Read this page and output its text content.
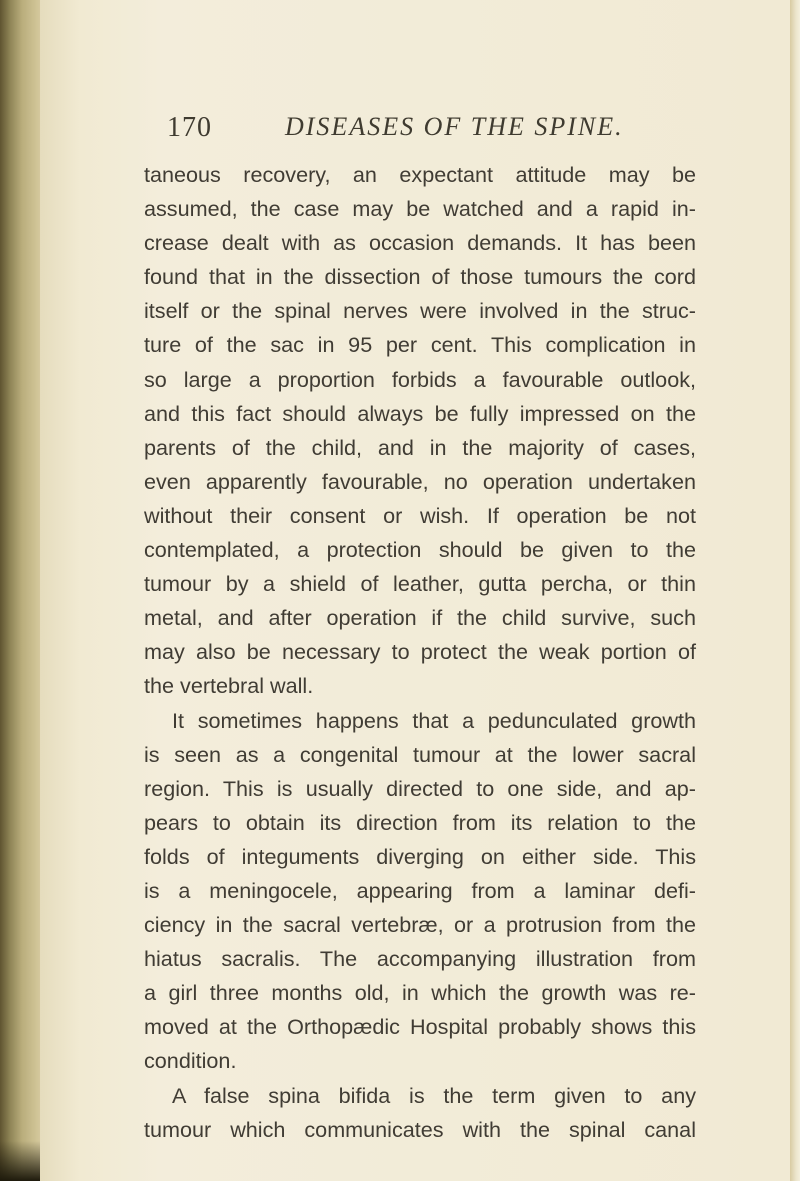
170	DISEASES OF THE SPINE.
taneous recovery, an expectant attitude may be
assumed, the case may be watched and a rapid in-
crease dealt with as occasion demands. It has been
found that in the dissection of those tumours the cord
itself or the spinal nerves were involved in the struc-
ture of the sac in 95 per cent. This complication in
so large a proportion forbids a favourable outlook,
and this fact should always be fully impressed on the
parents of the child, and in the majority of cases,
even apparently favourable, no operation undertaken
without their consent or wish. If operation be not
contemplated, a protection should be given to the
tumour by a shield of leather, gutta percha, or thin
metal, and after operation if the child survive, such
may also be necessary to protect the weak portion of
the vertebral wall.
It sometimes happens that a pedunculated growth
is seen as a congenital tumour at the lower sacral
region. This is usually directed to one side, and ap-
pears to obtain its direction from its relation to the
folds of integuments diverging on either side. This
is a meningocele, appearing from a laminar defi-
ciency in the sacral vertebræ, or a protrusion from the
hiatus sacralis. The accompanying illustration from
a girl three months old, in which the growth was re-
moved at the Orthopædic Hospital probably shows this
condition.
A false spina bifida is the term given to any
tumour which communicates with the spinal canal
